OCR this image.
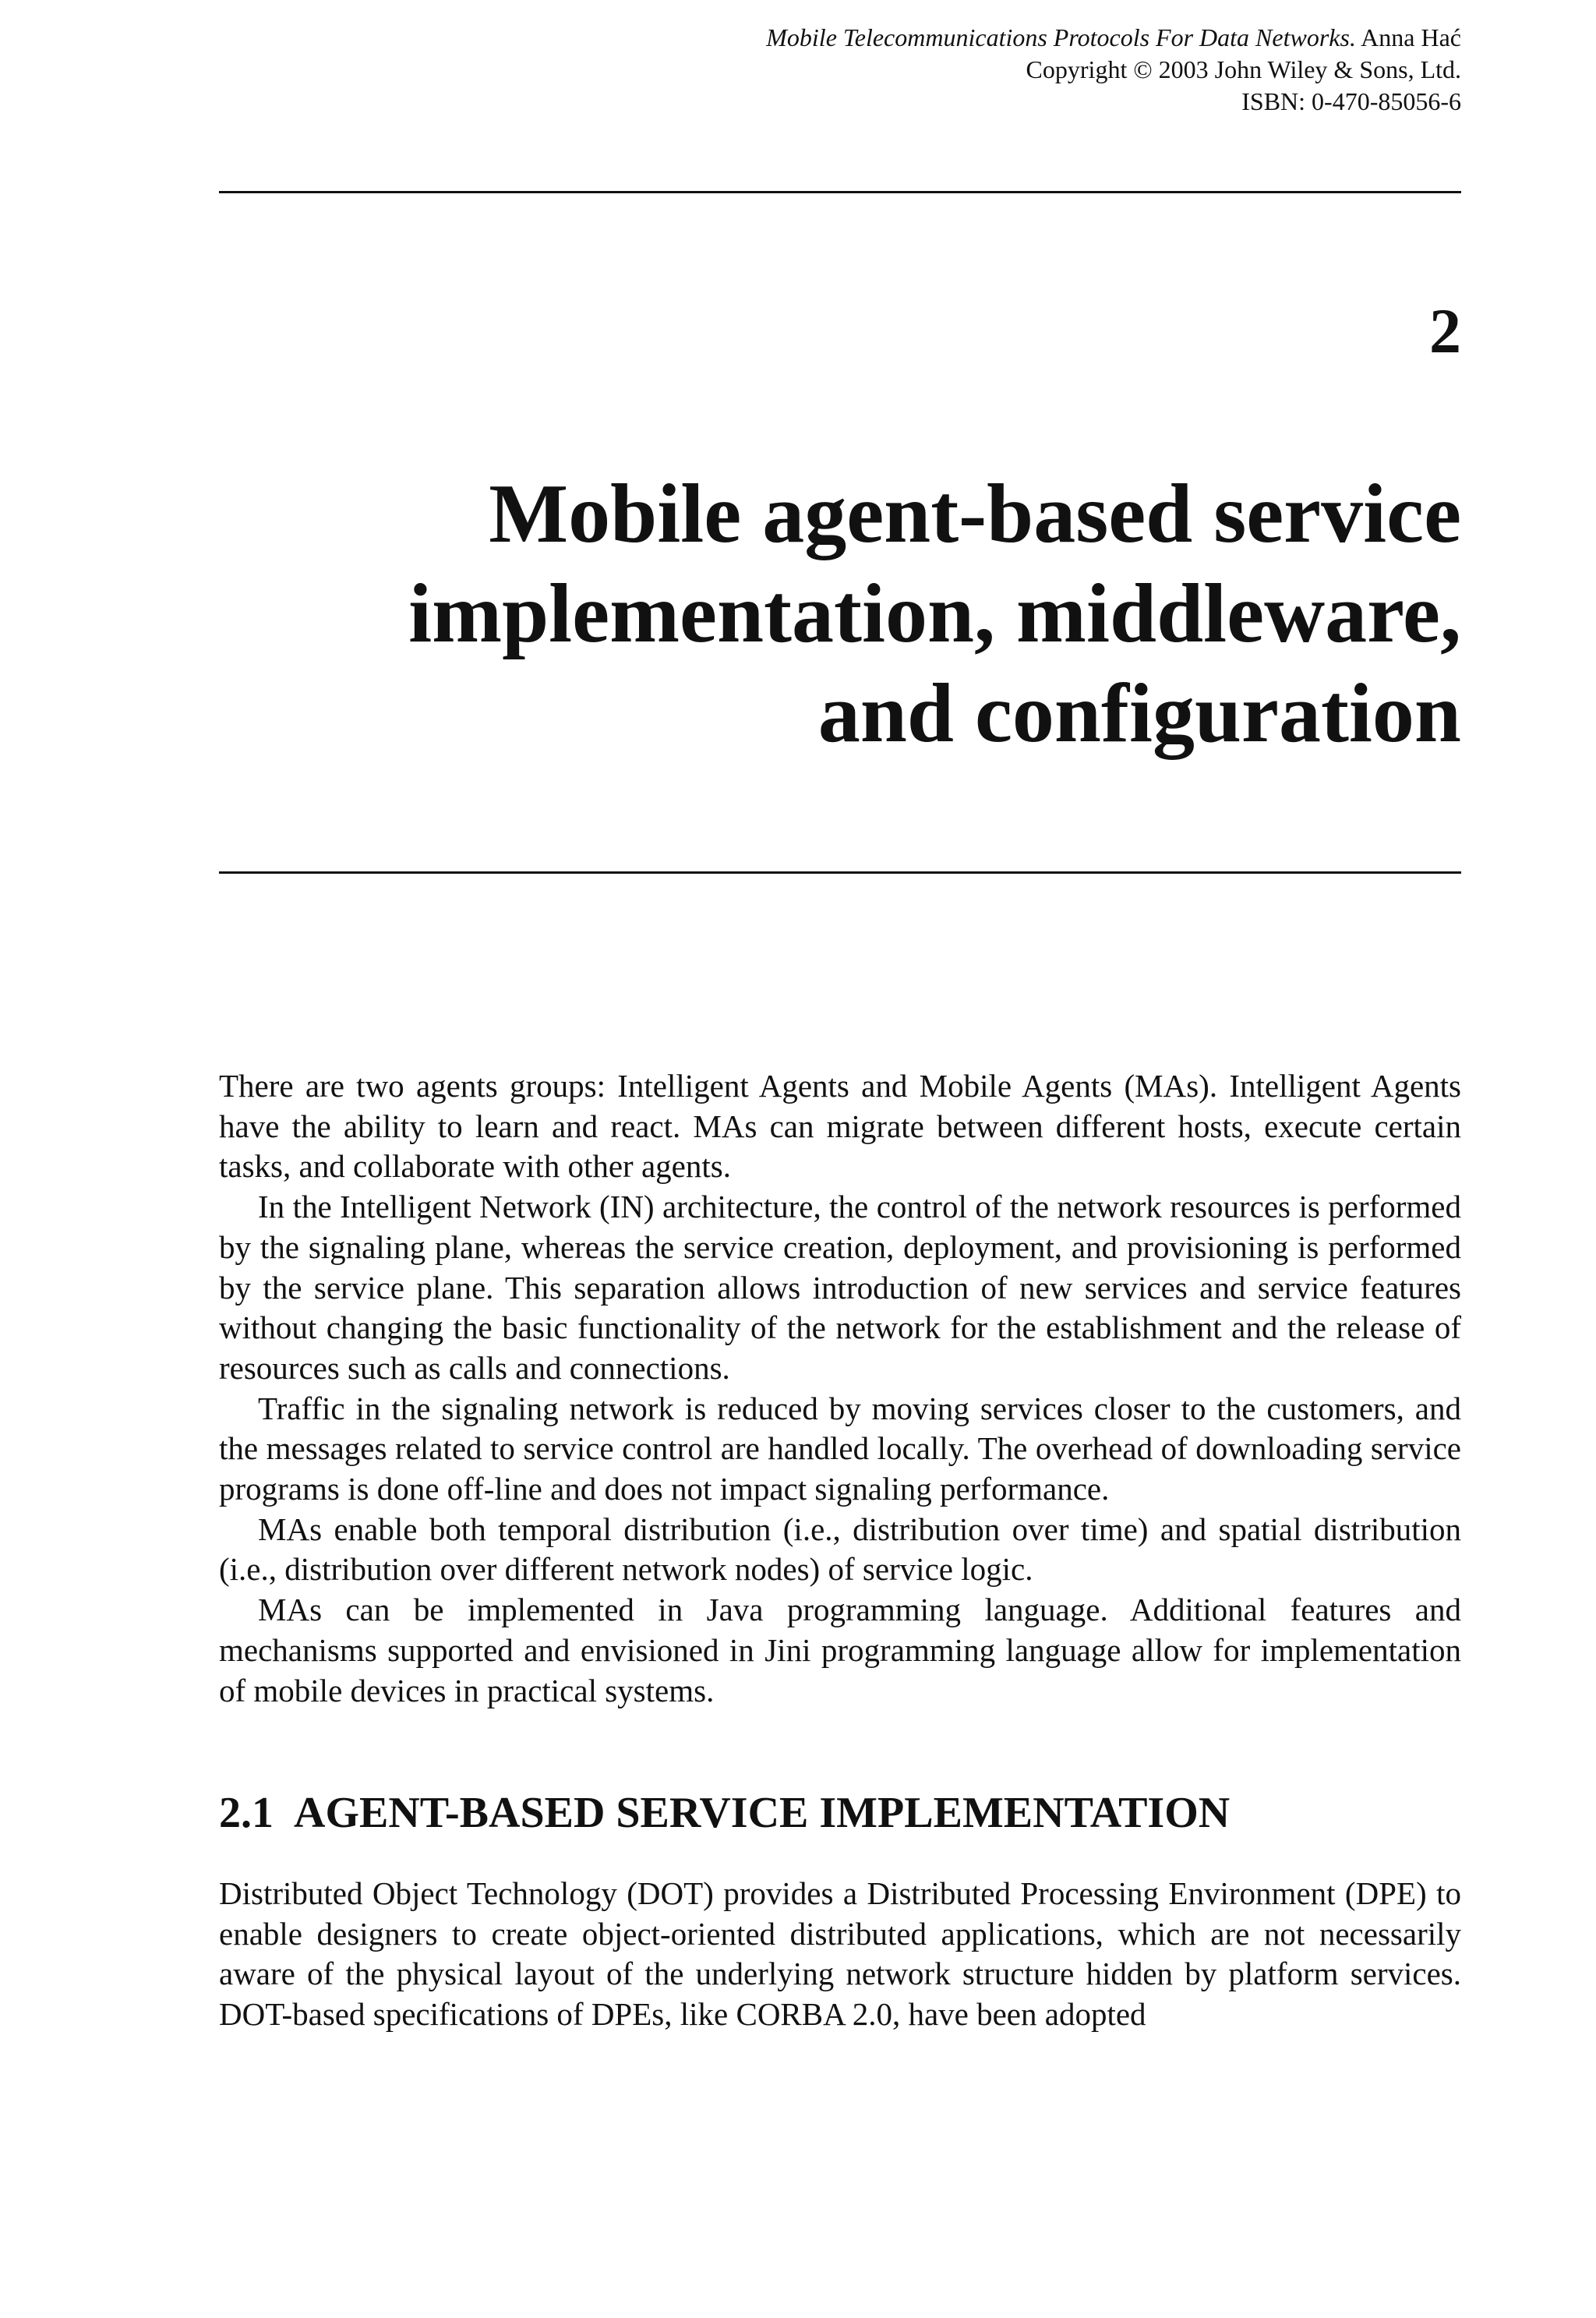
Mobile Telecommunications Protocols For Data Networks. Anna Hać
Copyright © 2003 John Wiley & Sons, Ltd.
ISBN: 0-470-85056-6
2
Mobile agent-based service
implementation, middleware,
and configuration

There are two agents groups: Intelligent Agents and Mobile Agents (MAs). Intelligent Agents have the ability to learn and react. MAs can migrate between different hosts, execute certain tasks, and collaborate with other agents.

In the Intelligent Network (IN) architecture, the control of the network resources is performed by the signaling plane, whereas the service creation, deployment, and provisioning is performed by the service plane. This separation allows introduction of new services and service features without changing the basic functionality of the network for the establishment and the release of resources such as calls and connections.

Traffic in the signaling network is reduced by moving services closer to the customers, and the messages related to service control are handled locally. The overhead of downloading service programs is done off-line and does not impact signaling performance.

MAs enable both temporal distribution (i.e., distribution over time) and spatial distribution (i.e., distribution over different network nodes) of service logic.

MAs can be implemented in Java programming language. Additional features and mechanisms supported and envisioned in Jini programming language allow for implementation of mobile devices in practical systems.

2.1 AGENT-BASED SERVICE IMPLEMENTATION

Distributed Object Technology (DOT) provides a Distributed Processing Environment (DPE) to enable designers to create object-oriented distributed applications, which are not necessarily aware of the physical layout of the underlying network structure hidden by platform services. DOT-based specifications of DPEs, like CORBA 2.0, have been adopted
